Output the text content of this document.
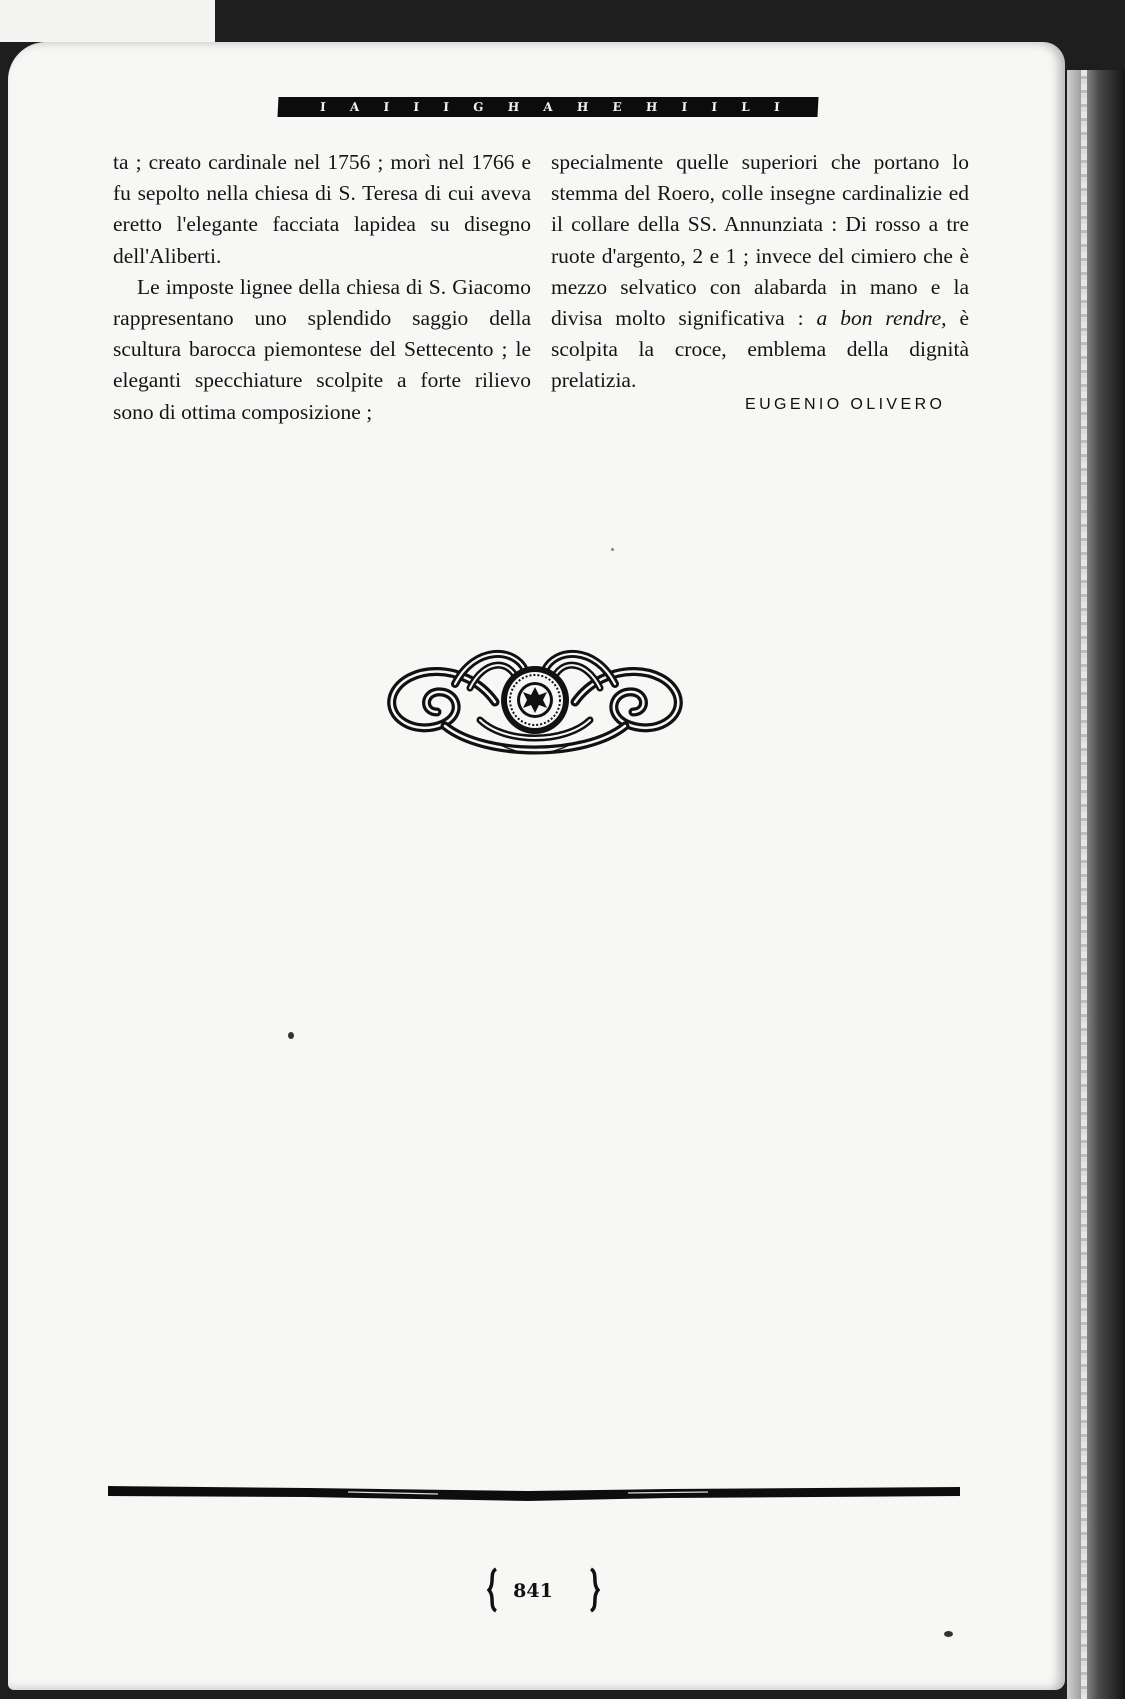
I A I I I G H A H E H I I L I

ta ; creato cardinale nel 1756 ; morì nel 1766 e fu sepolto nella chiesa di S. Teresa di cui aveva eretto l'elegante facciata lapidea su disegno dell'Aliberti.

Le imposte lignee della chiesa di S. Giacomo rappresentano uno splendido saggio della scultura barocca piemontese del Settecento ; le eleganti specchiature scolpite a forte rilievo sono di ottima composizione ;

specialmente quelle superiori che portano lo stemma del Roero, colle insegne cardinalizie ed il collare della SS. Annunziata : Di rosso a tre ruote d'argento, 2 e 1 ; invece del cimiero che è mezzo selvatico con alabarda in mano e la divisa molto significativa : a bon rendre, è scolpita la croce, emblema della dignità prelatizia.

EUGENIO OLIVERO
841
